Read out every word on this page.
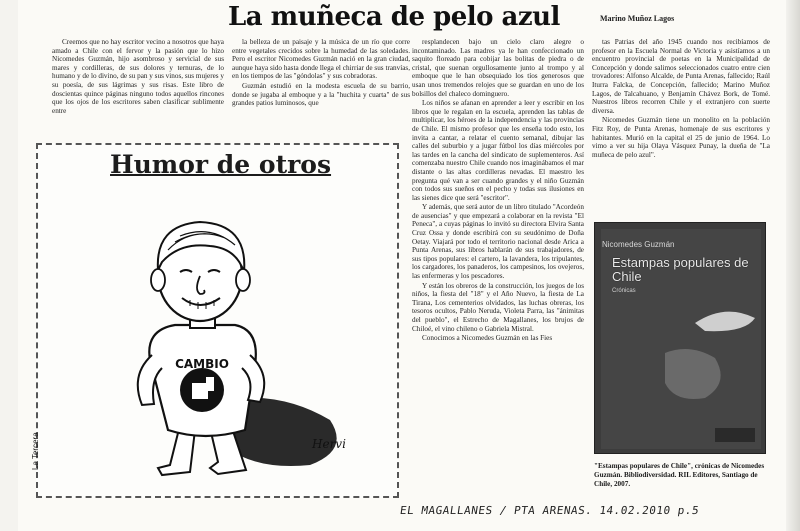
La muñeca de pelo azul	Marino Muñoz Lagos

Creemos que no hay escritor vecino a nosotros que haya amado a Chile con el fervor y la pasión que lo hizo Nicomedes Guzmán, hijo asombroso y servicial de sus mares y cordilleras, de sus dolores y ternuras, de lo humano y de lo divino, de su pan y sus vinos, sus mujeres y su poesía, de sus lágrimas y sus risas. Este libro de doscientas quince páginas ninguno todos aquellos rincones que los ojos de los escritores saben clasificar sublimente entre

la belleza de un paisaje y la música de un río que corre entre vegetales crecidos sobre la humedad de las soledades. Pero el escritor Nicomedes Guzmán nació en la gran ciudad, aunque haya sido hasta donde llega el chirriar de sus tranvías, en los tiempos de las "góndolas" y sus cobradoras.

Guzmán estudió en la modesta escuela de su barrio, donde se jugaba al emboque y a la "huchita y cuarta" de sus grandes patios luminosos, que

resplandecen bajo un cielo claro alegre o incontaminado. Las madres ya le han confeccionado un saquito floreado para cobijar las bolitas de piedra o de cristal, que suenan orgullosamente junto al trompo y al emboque que le han obsequiado los tíos generosos que usan unos tremendos relojes que se guardan en uno de los bolsillos del chaleco dominguero.

Los niños se afanan en aprender a leer y escribir en los libros que le regalan en la escuela, aprenden las tablas de multiplicar, los héroes de la independencia y las provincias de Chile. El mismo profesor que les enseña todo esto, los invita a cantar, a relatar el cuento semanal, dibujar las calles del suburbio y a jugar fútbol los días miércoles por las tardes en la cancha del sindicato de suplementeros. Así comenzaba nuestro Chile cuando nos imaginábamos el mar distante o las altas cordilleras nevadas. El maestro les pregunta qué van a ser cuando grandes y el niño Guzmán con todos sus sueños en el pecho y todas sus ilusiones en las sienes dice que será "escritor".

Y además, que será autor de un libro titulado "Acordeón de ausencias" y que empezará a colaborar en la revista "El Peneca", a cuyas páginas lo invitó su directora Elvira Santa Cruz Ossa y donde escribirá con su seudónimo de Doña Oetay. Viajará por todo el territorio nacional desde Arica a Punta Arenas, sus libros hablarán de sus trabajadores, de sus tipos populares: el cartero, la lavandera, los tripulantes, los cargadores, los panaderos, los campesinos, los ovejeros, las enfermeras y los pescadores.

Y están los obreros de la construcción, los juegos de los niños, la fiesta del "18" y el Año Nuevo, la fiesta de La Tirana, Los cementerios olvidados, las luchas obreras, los tesoros ocultos, Pablo Neruda, Violeta Parra, las "ánimitas del pueblo", el Estrecho de Magallanes, los brujos de Chiloé, el vino chileno o Gabriela Mistral.

Conocimos a Nicomedes Guzmán en las Fies

tas Patrias del año 1945 cuando nos recibíamos de profesor en la Escuela Normal de Victoria y asistíamos a un encuentro provincial de poetas en la Municipalidad de Concepción y donde salimos seleccionados cuatro entre cien trovadores: Alfonso Alcalde, de Punta Arenas, fallecido; Raúl Iturra Falcka, de Concepción, fallecido; Marino Muñoz Lagos, de Talcahuano, y Benjamín Chávez Bork, de Tomé. Nuestros libros recorren Chile y el extranjero con suerte diversa.

Nicomedes Guzmán tiene un monolito en la población Fitz Roy, de Punta Arenas, homenaje de sus escritores y habitantes. Murió en la capital el 25 de junio de 1964. Lo vimo a ver su hija Olaya Vásquez Punay, la dueña de "La muñeca de pelo azul".

Humor de otros
La Tercera
CAMBIO
Hervi
Nicomedes Guzmán
Estampas populares de Chile
Crónicas
"Estampas populares de Chile", crónicas de Nicomedes Guzmán. Bibliodiversidad. RIL Editores, Santiago de Chile, 2007.
EL MAGALLANES / PTA ARENAS. 14.02.2010 p.5
